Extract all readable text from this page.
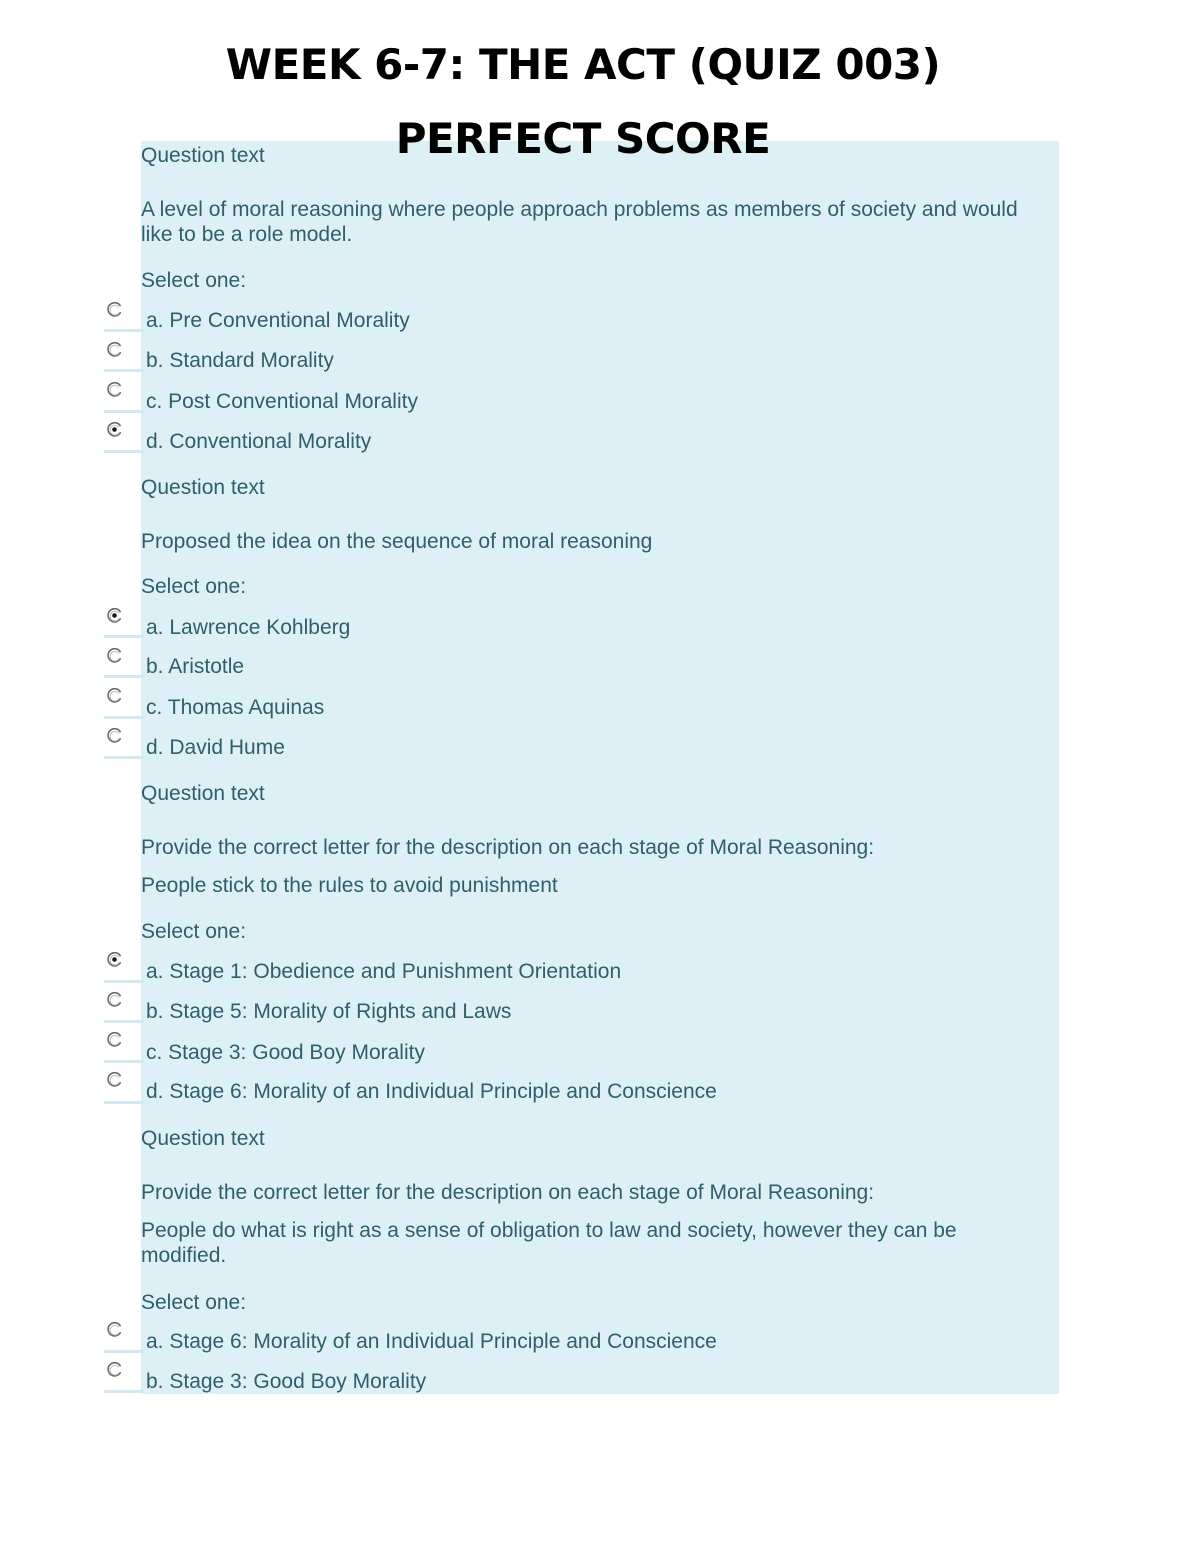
WEEK 6-7: THE ACT (QUIZ 003)
PERFECT SCORE
Question text
A level of moral reasoning where people approach problems as members of society and would like to be a role model.
Select one:
a. Pre Conventional Morality
b. Standard Morality
c. Post Conventional Morality
d. Conventional Morality
Question text
Proposed the idea on the sequence of moral reasoning
Select one:
a. Lawrence Kohlberg
b. Aristotle
c. Thomas Aquinas
d. David Hume
Question text
Provide the correct letter for the description on each stage of Moral Reasoning:
People stick to the rules to avoid punishment
Select one:
a. Stage 1: Obedience and Punishment Orientation
b. Stage 5: Morality of Rights and Laws
c. Stage 3: Good Boy Morality
d. Stage 6: Morality of an Individual Principle and Conscience
Question text
Provide the correct letter for the description on each stage of Moral Reasoning:
People do what is right as a sense of obligation to law and society, however they can be modified.
Select one:
a. Stage 6: Morality of an Individual Principle and Conscience
b. Stage 3: Good Boy Morality
